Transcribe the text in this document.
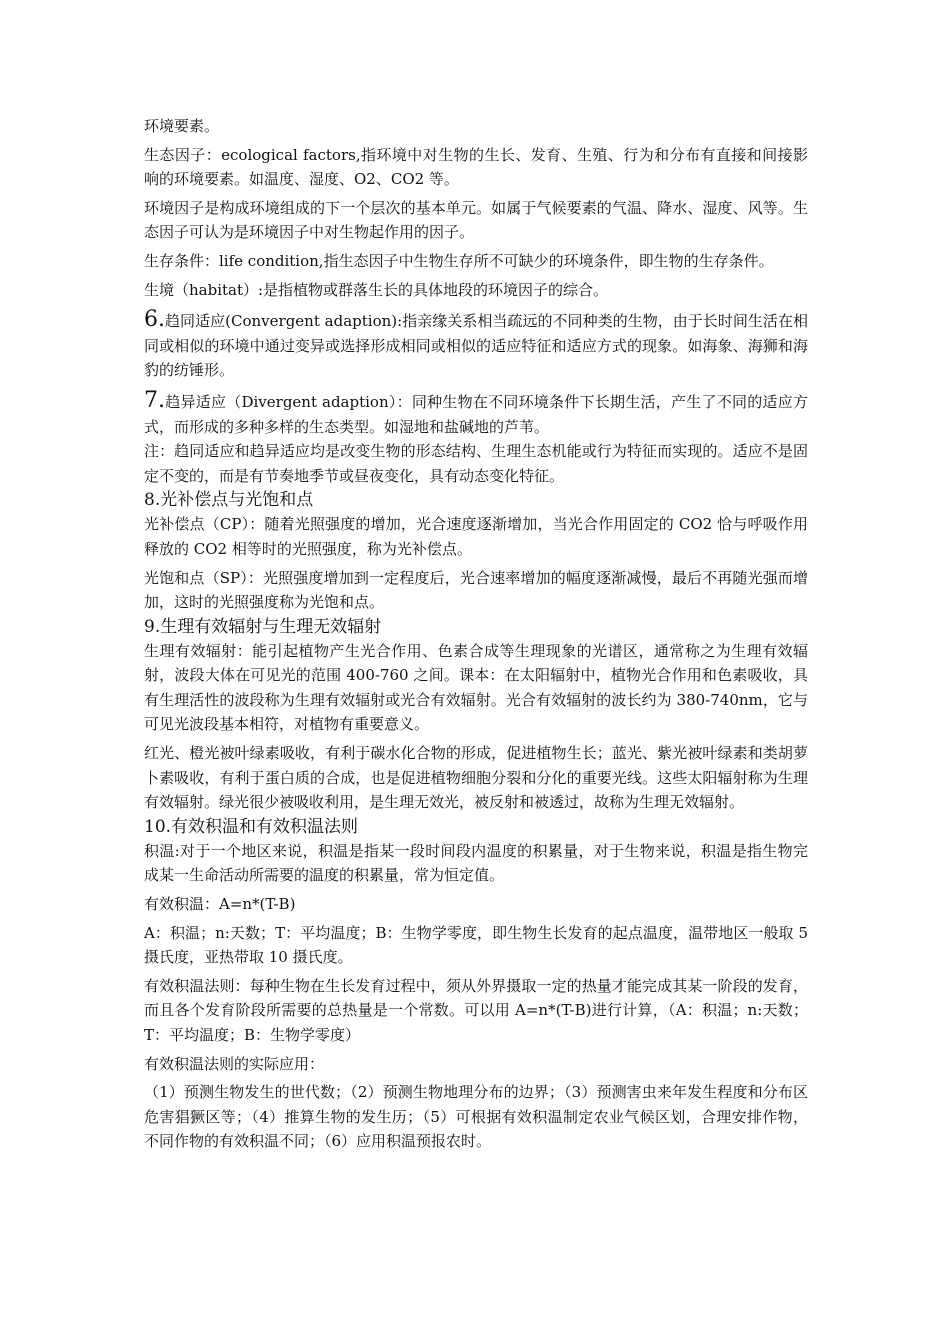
环境要素。

生态因子：ecological factors,指环境中对生物的生长、发育、生殖、行为和分布有直接和间接影响的环境要素。如温度、湿度、O2、CO2 等。

环境因子是构成环境组成的下一个层次的基本单元。如属于气候要素的气温、降水、湿度、风等。生态因子可认为是环境因子中对生物起作用的因子。

生存条件：life condition,指生态因子中生物生存所不可缺少的环境条件，即生物的生存条件。

生境（habitat）:是指植物或群落生长的具体地段的环境因子的综合。

6.趋同适应(Convergent adaption):指亲缘关系相当疏远的不同种类的生物，由于长时间生活在相同或相似的环境中通过变异或选择形成相同或相似的适应特征和适应方式的现象。如海象、海狮和海豹的纺锤形。

7.趋异适应（Divergent adaption）：同种生物在不同环境条件下长期生活，产生了不同的适应方式，而形成的多种多样的生态类型。如湿地和盐碱地的芦苇。

注：趋同适应和趋异适应均是改变生物的形态结构、生理生态机能或行为特征而实现的。适应不是固定不变的，而是有节奏地季节或昼夜变化，具有动态变化特征。

8.光补偿点与光饱和点

光补偿点（CP）：随着光照强度的增加，光合速度逐渐增加，当光合作用固定的 CO2 恰与呼吸作用释放的 CO2 相等时的光照强度，称为光补偿点。

光饱和点（SP）：光照强度增加到一定程度后，光合速率增加的幅度逐渐减慢，最后不再随光强而增加，这时的光照强度称为光饱和点。

9.生理有效辐射与生理无效辐射

生理有效辐射：能引起植物产生光合作用、色素合成等生理现象的光谱区，通常称之为生理有效辐射，波段大体在可见光的范围 400-760 之间。课本：在太阳辐射中，植物光合作用和色素吸收，具有生理活性的波段称为生理有效辐射或光合有效辐射。光合有效辐射的波长约为 380-740nm，它与可见光波段基本相符，对植物有重要意义。

红光、橙光被叶绿素吸收，有利于碳水化合物的形成，促进植物生长；蓝光、紫光被叶绿素和类胡萝卜素吸收，有利于蛋白质的合成，也是促进植物细胞分裂和分化的重要光线。这些太阳辐射称为生理有效辐射。绿光很少被吸收利用，是生理无效光，被反射和被透过，故称为生理无效辐射。

10.有效积温和有效积温法则

积温:对于一个地区来说，积温是指某一段时间段内温度的积累量，对于生物来说，积温是指生物完成某一生命活动所需要的温度的积累量，常为恒定值。

有效积温：A=n*(T-B)

A：积温；n:天数；T：平均温度；B：生物学零度，即生物生长发育的起点温度，温带地区一般取 5 摄氏度，亚热带取 10 摄氏度。

有效积温法则：每种生物在生长发育过程中，须从外界摄取一定的热量才能完成其某一阶段的发育，而且各个发育阶段所需要的总热量是一个常数。可以用 A=n*(T-B)进行计算，（A：积温；n:天数； T：平均温度；B：生物学零度）

有效积温法则的实际应用：

（1）预测生物发生的世代数；（2）预测生物地理分布的边界；（3）预测害虫来年发生程度和分布区危害猖獗区等；（4）推算生物的发生历；（5）可根据有效积温制定农业气候区划，合理安排作物，不同作物的有效积温不同；（6）应用积温预报农时。
